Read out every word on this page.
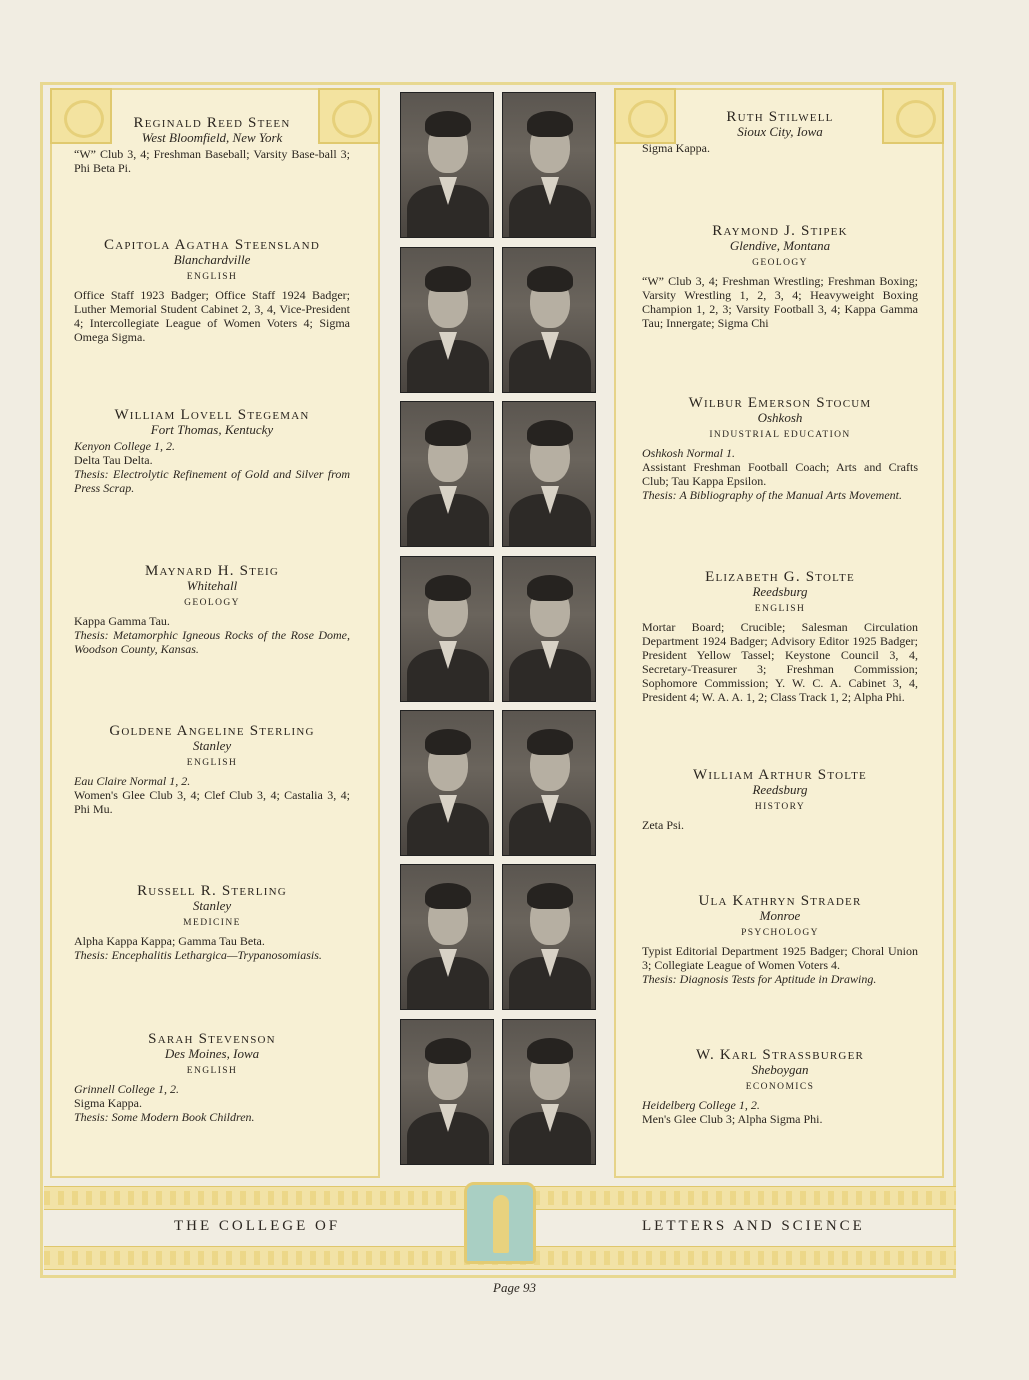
Reginald Reed Steen
West Bloomfield, New York
“W” Club 3, 4; Freshman Baseball; Varsity Base-ball 3; Phi Beta Pi.
Capitola Agatha Steensland
Blanchardville
ENGLISH
Office Staff 1923 Badger; Office Staff 1924 Badger; Luther Memorial Student Cabinet 2, 3, 4, Vice-President 4; Intercollegiate League of Women Voters 4; Sigma Omega Sigma.
William Lovell Stegeman
Fort Thomas, Kentucky
Kenyon College 1, 2.
Delta Tau Delta.
Thesis: Electrolytic Refinement of Gold and Silver from Press Scrap.
Maynard H. Steig
Whitehall
GEOLOGY
Kappa Gamma Tau.
Thesis: Metamorphic Igneous Rocks of the Rose Dome, Woodson County, Kansas.
Goldene Angeline Sterling
Stanley
ENGLISH
Eau Claire Normal 1, 2.
Women's Glee Club 3, 4; Clef Club 3, 4; Castalia 3, 4; Phi Mu.
Russell R. Sterling
Stanley
MEDICINE
Alpha Kappa Kappa; Gamma Tau Beta.
Thesis: Encephalitis Lethargica—Trypanosomiasis.
Sarah Stevenson
Des Moines, Iowa
ENGLISH
Grinnell College 1, 2.
Sigma Kappa.
Thesis: Some Modern Book Children.
Ruth Stilwell
Sioux City, Iowa
Sigma Kappa.
Raymond J. Stipek
Glendive, Montana
GEOLOGY
“W” Club 3, 4; Freshman Wrestling; Freshman Boxing; Varsity Wrestling 1, 2, 3, 4; Heavyweight Boxing Champion 1, 2, 3; Varsity Football 3, 4; Kappa Gamma Tau; Innergate; Sigma Chi
Wilbur Emerson Stocum
Oshkosh
INDUSTRIAL EDUCATION
Oshkosh Normal 1.
Assistant Freshman Football Coach; Arts and Crafts Club; Tau Kappa Epsilon.
Thesis: A Bibliography of the Manual Arts Movement.
Elizabeth G. Stolte
Reedsburg
ENGLISH
Mortar Board; Crucible; Salesman Circulation Department 1924 Badger; Advisory Editor 1925 Badger; President Yellow Tassel; Keystone Council 3, 4, Secretary-Treasurer 3; Freshman Commission; Sophomore Commission; Y. W. C. A. Cabinet 3, 4, President 4; W. A. A. 1, 2; Class Track 1, 2; Alpha Phi.
William Arthur Stolte
Reedsburg
HISTORY
Zeta Psi.
Ula Kathryn Strader
Monroe
PSYCHOLOGY
Typist Editorial Department 1925 Badger; Choral Union 3; Collegiate League of Women Voters 4.
Thesis: Diagnosis Tests for Aptitude in Drawing.
W. Karl Strassburger
Sheboygan
ECONOMICS
Heidelberg College 1, 2.
Men's Glee Club 3; Alpha Sigma Phi.
THE COLLEGE OF	LETTERS AND SCIENCE
Page 93
